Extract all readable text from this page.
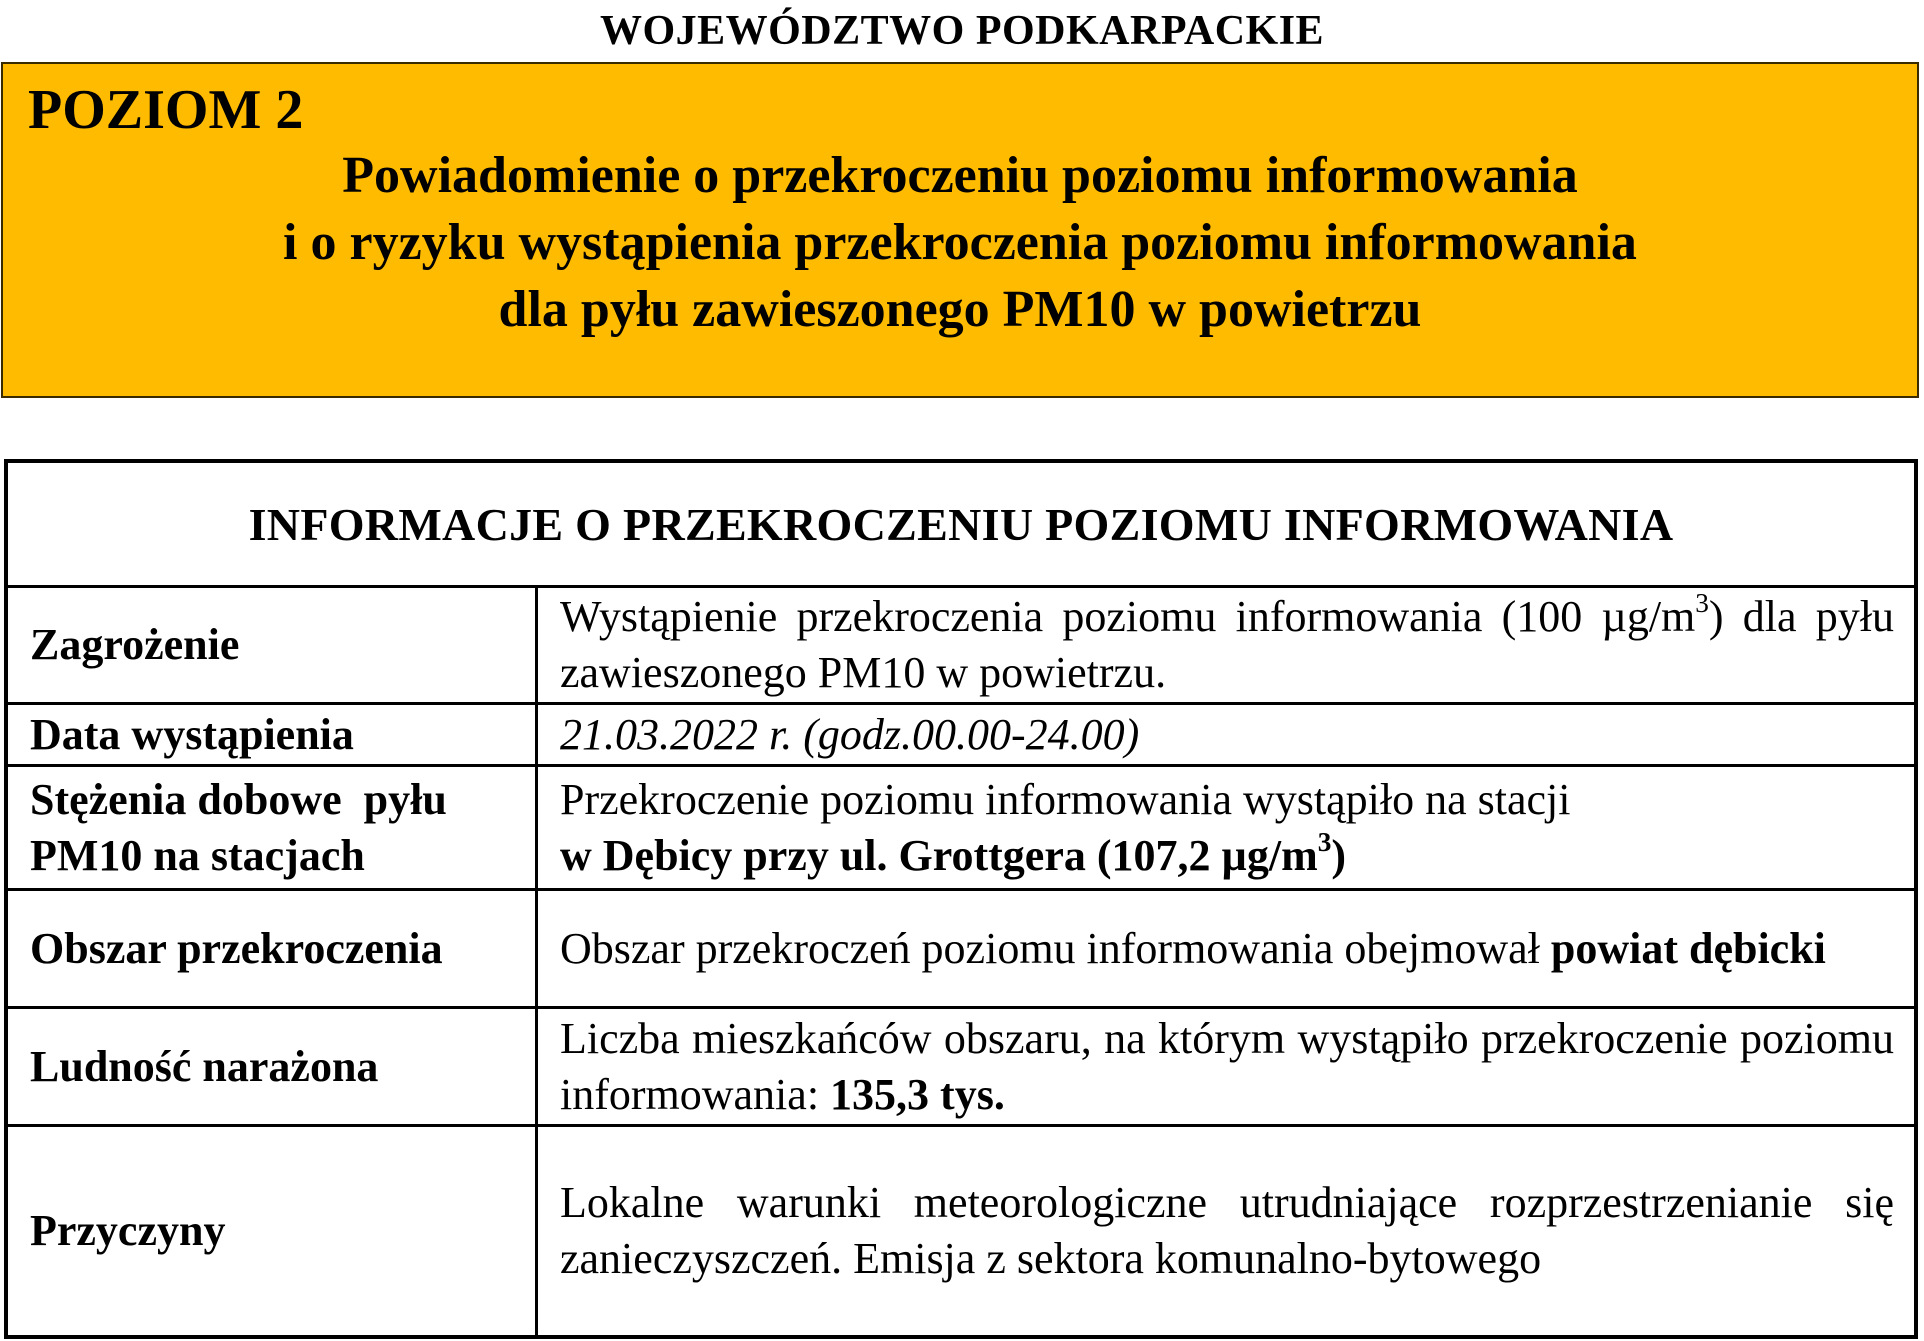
WOJEWÓDZTWO PODKARPACKIE
POZIOM 2
Powiadomienie o przekroczeniu poziomu informowania
i o ryzyku wystąpienia przekroczenia poziomu informowania
dla pyłu zawieszonego PM10 w powietrzu
INFORMACJE O PRZEKROCZENIU POZIOMU INFORMOWANIA
Zagrożenie
Wystąpienie przekroczenia poziomu informowania (100 $\mu g/m^3$) dla pyłu zawieszonego PM10 w powietrzu.
Data wystąpienia	21.03.2022 r. (godz.00.00-24.00)
Stężenia dobowe  pyłu
PM10 na stacjach
Przekroczenie poziomu informowania wystąpiło na stacji
w Dębicy przy ul. Grottgera (107,2 $\mu g/m^3$)
Obszar przekroczenia	Obszar przekroczeń poziomu informowania obejmował powiat dębicki
Ludność narażona
Liczba mieszkańców obszaru, na którym wystąpiło przekroczenie poziomu informowania: 135,3 tys.
Przyczyny
Lokalne warunki meteorologiczne utrudniające rozprzestrzenianie się zanieczyszczeń. Emisja z sektora komunalno-bytowego
